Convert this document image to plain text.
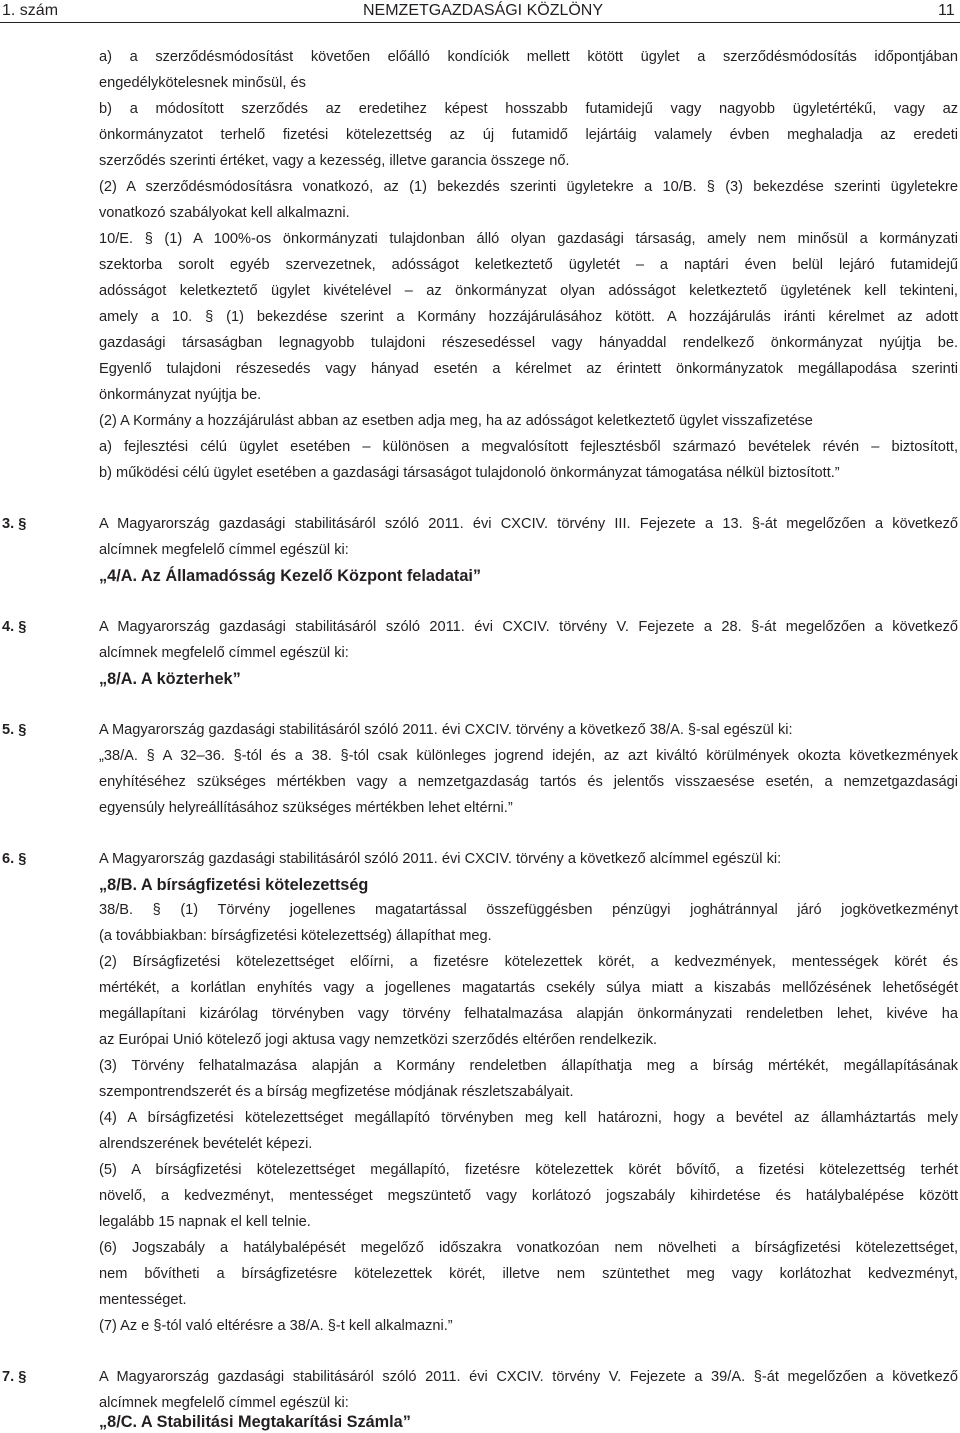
1. szám	NEMZETGAZDASÁGI KÖZLÖNY	11
a) a szerződésmódosítást követően előálló kondíciók mellett kötött ügylet a szerződésmódosítás időpontjában
engedélykötelesnek minősül, és
b) a módosított szerződés az eredetihez képest hosszabb futamidejű vagy nagyobb ügyletértékű, vagy az
önkormányzatot terhelő fizetési kötelezettség az új futamidő lejártáig valamely évben meghaladja az eredeti
szerződés szerinti értéket, vagy a kezesség, illetve garancia összege nő.
(2) A szerződésmódosításra vonatkozó, az (1) bekezdés szerinti ügyletekre a 10/B. § (3) bekezdése szerinti ügyletekre
vonatkozó szabályokat kell alkalmazni.
10/E. § (1) A 100%-os önkormányzati tulajdonban álló olyan gazdasági társaság, amely nem minősül a kormányzati
szektorba sorolt egyéb szervezetnek, adósságot keletkeztető ügyletét – a naptári éven belül lejáró futamidejű
adósságot keletkeztető ügylet kivételével – az önkormányzat olyan adósságot keletkeztető ügyletének kell tekinteni,
amely a 10. § (1) bekezdése szerint a Kormány hozzájárulásához kötött. A hozzájárulás iránti kérelmet az adott
gazdasági társaságban legnagyobb tulajdoni részesedéssel vagy hányaddal rendelkező önkormányzat nyújtja be.
Egyenlő tulajdoni részesedés vagy hányad esetén a kérelmet az érintett önkormányzatok megállapodása szerinti
önkormányzat nyújtja be.
(2) A Kormány a hozzájárulást abban az esetben adja meg, ha az adósságot keletkeztető ügylet visszafizetése
a) fejlesztési célú ügylet esetében – különösen a megvalósított fejlesztésből származó bevételek révén – biztosított,
b) működési célú ügylet esetében a gazdasági társaságot tulajdonoló önkormányzat támogatása nélkül biztosított.”
3. §	A Magyarország gazdasági stabilitásáról szóló 2011. évi CXCIV. törvény III. Fejezete a 13. §-át megelőzően a következő
alcímnek megfelelő címmel egészül ki:
„4/A. Az Államadósság Kezelő Központ feladatai”
4. §	A Magyarország gazdasági stabilitásáról szóló 2011. évi CXCIV. törvény V. Fejezete a 28. §-át megelőzően a következő
alcímnek megfelelő címmel egészül ki:
„8/A. A közterhek”
5. §	A Magyarország gazdasági stabilitásáról szóló 2011. évi CXCIV. törvény a következő 38/A. §-sal egészül ki:
„38/A. § A 32–36. §-tól és a 38. §-tól csak különleges jogrend idején, az azt kiváltó körülmények okozta következmények
enyhítéséhez szükséges mértékben vagy a nemzetgazdaság tartós és jelentős visszaesése esetén, a nemzetgazdasági
egyensúly helyreállításához szükséges mértékben lehet eltérni.”
6. §	A Magyarország gazdasági stabilitásáról szóló 2011. évi CXCIV. törvény a következő alcímmel egészül ki:
„8/B. A bírságfizetési kötelezettség
38/B. § (1) Törvény jogellenes magatartással összefüggésben pénzügyi joghátránnyal járó jogkövetkezményt
(a továbbiakban: bírságfizetési kötelezettség) állapíthat meg.
(2) Bírságfizetési kötelezettséget előírni, a fizetésre kötelezettek körét, a kedvezmények, mentességek körét és
mértékét, a korlátlan enyhítés vagy a jogellenes magatartás csekély súlya miatt a kiszabás mellőzésének lehetőségét
megállapítani kizárólag törvényben vagy törvény felhatalmazása alapján önkormányzati rendeletben lehet, kivéve ha
az Európai Unió kötelező jogi aktusa vagy nemzetközi szerződés eltérően rendelkezik.
(3) Törvény felhatalmazása alapján a Kormány rendeletben állapíthatja meg a bírság mértékét, megállapításának
szempontrendszerét és a bírság megfizetése módjának részletszabályait.
(4) A bírságfizetési kötelezettséget megállapító törvényben meg kell határozni, hogy a bevétel az államháztartás mely
alrendszerének bevételét képezi.
(5) A bírságfizetési kötelezettséget megállapító, fizetésre kötelezettek körét bővítő, a fizetési kötelezettség terhét
növelő, a kedvezményt, mentességet megszüntető vagy korlátozó jogszabály kihirdetése és hatálybalépése között
legalább 15 napnak el kell telnie.
(6) Jogszabály a hatálybalépését megelőző időszakra vonatkozóan nem növelheti a bírságfizetési kötelezettséget,
nem bővítheti a bírságfizetésre kötelezettek körét, illetve nem szüntethet meg vagy korlátozhat kedvezményt,
mentességet.
(7) Az e §-tól való eltérésre a 38/A. §-t kell alkalmazni.”
7. §	A Magyarország gazdasági stabilitásáról szóló 2011. évi CXCIV. törvény V. Fejezete a 39/A. §-át megelőzően a következő
alcímnek megfelelő címmel egészül ki:
„8/C. A Stabilitási Megtakarítási Számla”
